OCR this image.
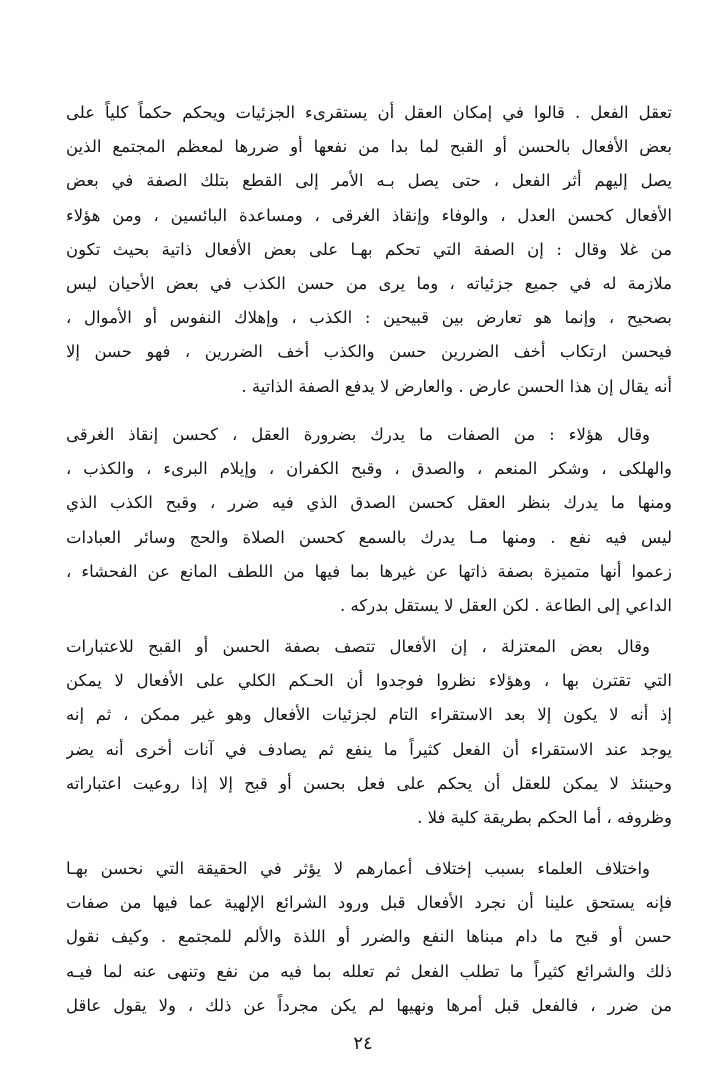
تعقل الفعل . قالوا في إمكان العقل أن يستقرىء الجزئيات ويحكم حكماً كلياً على
بعض الأفعال بالحسن أو القبح لما بدا من نفعها أو ضررها لمعظم المجتمع الذين
يصل إليهم أثر الفعل ، حتى يصل بـه الأمر إلى القطع بتلك الصفة في بعض
الأفعال كحسن العدل ، والوفاء وإنقاذ الغرقى ، ومساعدة البائسين ، ومن هؤلاء
من غلا وقال : إن الصفة التي تحكم بهـا على بعض الأفعال ذاتية بحيث تكون
ملازمة له في جميع جزئياته ، وما يرى من حسن الكذب في بعض الأحيان ليس
بصحيح ، وإنما هو تعارض بين قبيحين : الكذب ، وإهلاك النفوس أو الأموال ،
فيحسن ارتكاب أخف الضررين حسن والكذب أخف الضررين ، فهو حسن إلا
أنه يقال إن هذا الحسن عارض . والعارض لا يدفع الصفة الذاتية .
وقال هؤلاء : من الصفات ما يدرك بضرورة العقل ، كحسن إنقاذ الغرقى
والهلكى ، وشكر المنعم ، والصدق ، وقبح الكفران ، وإيلام البرىء ، والكذب ،
ومنها ما يدرك بنظر العقل كحسن الصدق الذي فيه ضرر ، وقبح الكذب الذي
ليس فيه نفع . ومنها مـا يدرك بالسمع كحسن الصلاة والحج وسائر العبادات
زعموا أنها متميزة بصفة ذاتها عن غيرها بما فيها من اللطف المانع عن الفحشاء ،
الداعي إلى الطاعة . لكن العقل لا يستقل بدركه .
وقال بعض المعتزلة ، إن الأفعال تتصف بصفة الحسن أو القبح للاعتبارات
التي تقترن بها ، وهؤلاء نظروا فوجدوا أن الحـكم الكلي على الأفعال لا يمكن
إذ أنه لا يكون إلا بعد الاستقراء التام لجزئيات الأفعال وهو غير ممكن ، ثم إنه
يوجد عند الاستقراء أن الفعل كثيراً ما ينفع ثم يصادف في آنات أخرى أنه يضر
وحينئذ لا يمكن للعقل أن يحكم على فعل بحسن أو قبح إلا إذا روعيت اعتباراته
وظروفه ، أما الحكم بطريقة كلية فلا .
واختلاف العلماء بسبب إختلاف أعمارهم لا يؤثر في الحقيقة التي نحسن بهـا
فإنه يستحق علينا أن نجرد الأفعال قبل ورود الشرائع الإلهية عما فيها من صفات
حسن أو قبح ما دام مبناها النفع والضرر أو اللذة والألم للمجتمع . وكيف نقول
ذلك والشرائع كثيراً ما تطلب الفعل ثم تعلله بما فيه من نفع وتنهى عنه لما فيـه
من ضرر ، فالفعل قبل أمرها ونهيها لم يكن مجرداً عن ذلك ، ولا يقول عاقل
٢٤
